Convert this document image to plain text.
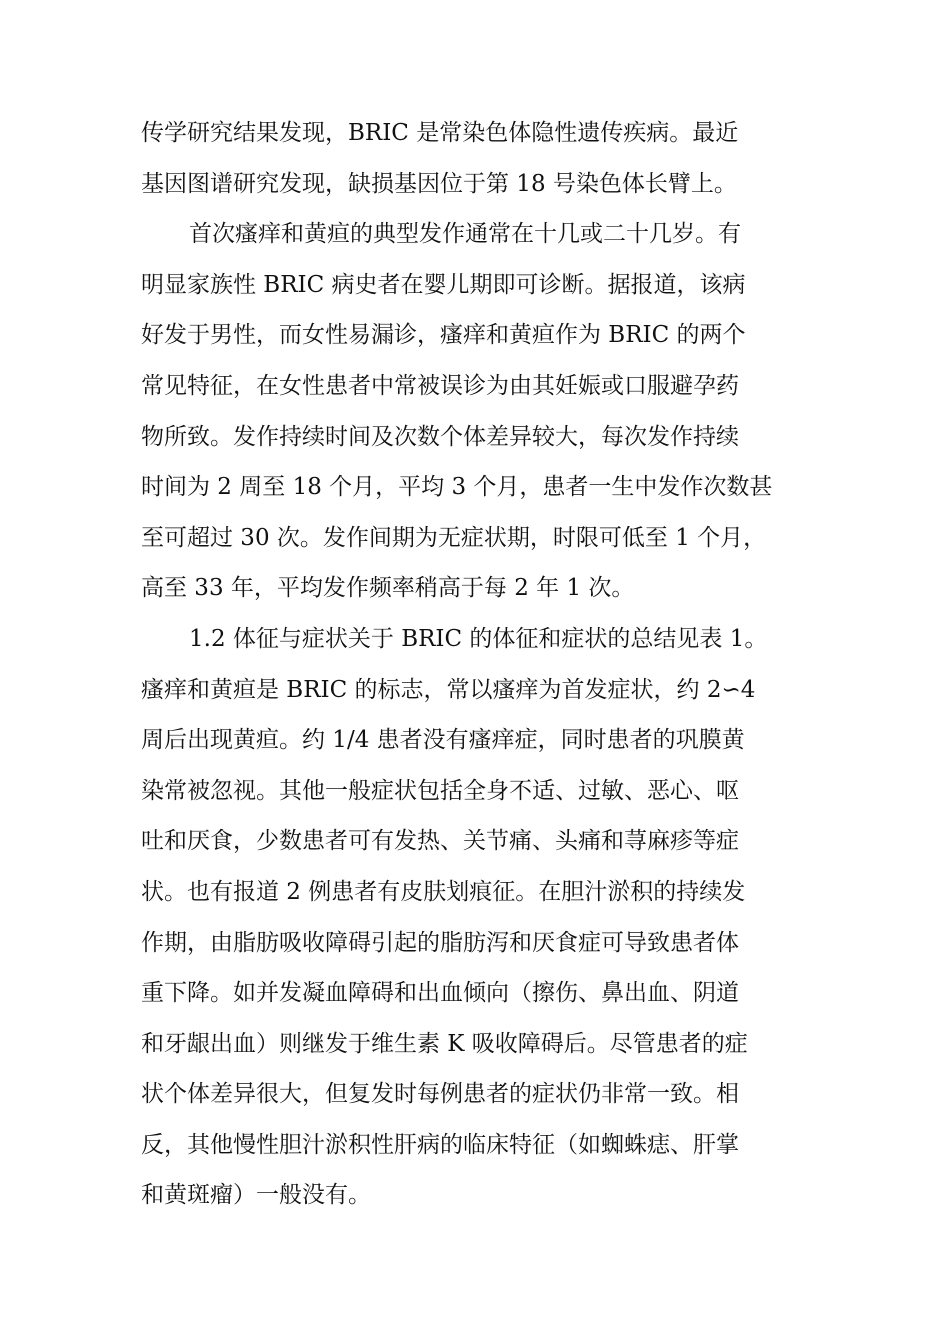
传学研究结果发现，BRIC 是常染色体隐性遗传疾病。最近
基因图谱研究发现，缺损基因位于第 18 号染色体长臂上。
首次瘙痒和黄疸的典型发作通常在十几或二十几岁。有
明显家族性 BRIC 病史者在婴儿期即可诊断。据报道，该病
好发于男性，而女性易漏诊，瘙痒和黄疸作为 BRIC 的两个
常见特征，在女性患者中常被误诊为由其妊娠或口服避孕药
物所致。发作持续时间及次数个体差异较大，每次发作持续
时间为 2 周至 18 个月，平均 3 个月，患者一生中发作次数甚
至可超过 30 次。发作间期为无症状期，时限可低至 1 个月，
高至 33 年，平均发作频率稍高于每 2 年 1 次。
1.2 体征与症状关于 BRIC 的体征和症状的总结见表 1。
瘙痒和黄疸是 BRIC 的标志，常以瘙痒为首发症状，约 2∽4
周后出现黄疸。约 1/4 患者没有瘙痒症，同时患者的巩膜黄
染常被忽视。其他一般症状包括全身不适、过敏、恶心、呕
吐和厌食，少数患者可有发热、关节痛、头痛和荨麻疹等症
状。也有报道 2 例患者有皮肤划痕征。在胆汁淤积的持续发
作期，由脂肪吸收障碍引起的脂肪泻和厌食症可导致患者体
重下降。如并发凝血障碍和出血倾向（擦伤、鼻出血、阴道
和牙龈出血）则继发于维生素 K 吸收障碍后。尽管患者的症
状个体差异很大，但复发时每例患者的症状仍非常一致。相
反，其他慢性胆汁淤积性肝病的临床特征（如蜘蛛痣、肝掌
和黄斑瘤）一般没有。
